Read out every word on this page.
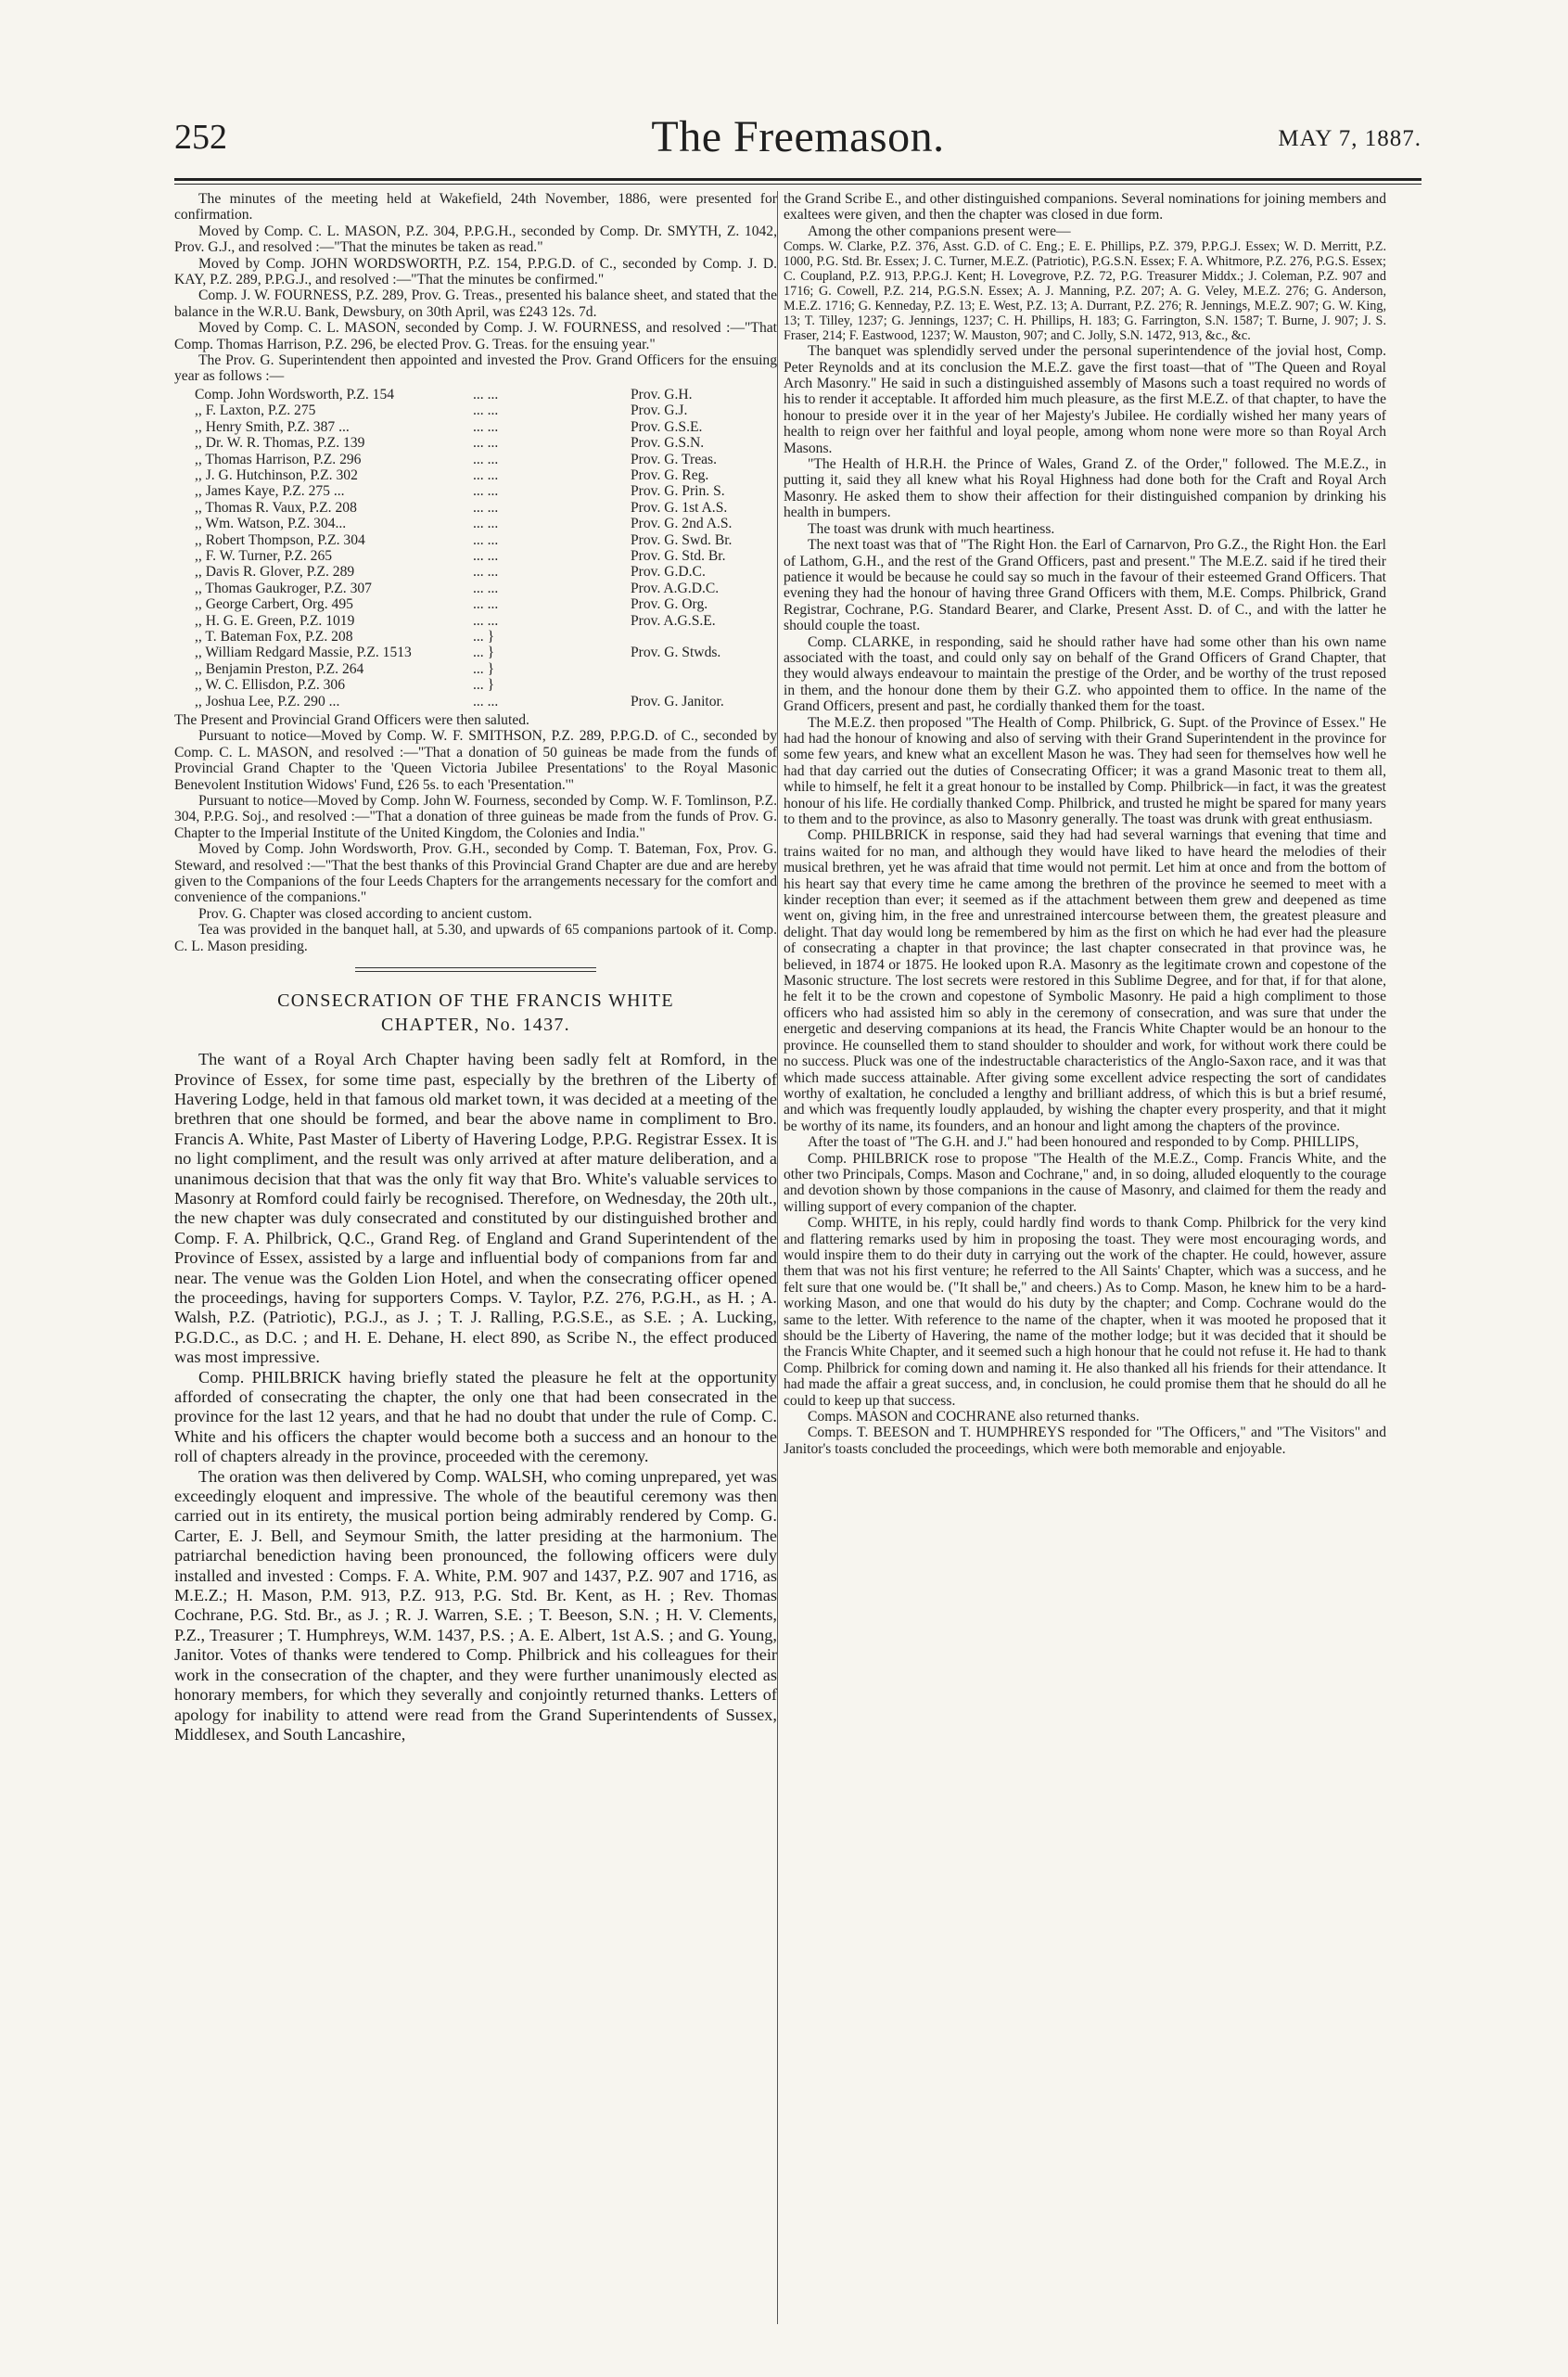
252	The Freemason.	MAY 7, 1887.

The minutes of the meeting held at Wakefield, 24th November, 1886, were presented for confirmation.

Moved by Comp. C. L. MASON, P.Z. 304, P.P.G.H., seconded by Comp. Dr. SMYTH, Z. 1042, Prov. G.J., and resolved :—"That the minutes be taken as read."

Moved by Comp. JOHN WORDSWORTH, P.Z. 154, P.P.G.D. of C., seconded by Comp. J. D. KAY, P.Z. 289, P.P.G.J., and resolved :—"That the minutes be confirmed."

Comp. J. W. FOURNESS, P.Z. 289, Prov. G. Treas., presented his balance sheet, and stated that the balance in the W.R.U. Bank, Dewsbury, on 30th April, was £243 12s. 7d.

Moved by Comp. C. L. MASON, seconded by Comp. J. W. FOURNESS, and resolved :—"That Comp. Thomas Harrison, P.Z. 296, be elected Prov. G. Treas. for the ensuing year."

The Prov. G. Superintendent then appointed and invested the Prov. Grand Officers for the ensuing year as follows :—

Comp. John Wordsworth, P.Z. 154	... ...	Prov. G.H.
,, F. Laxton, P.Z. 275	... ...	Prov. G.J.
,, Henry Smith, P.Z. 387 ...	... ...	Prov. G.S.E.
,, Dr. W. R. Thomas, P.Z. 139	... ...	Prov. G.S.N.
,, Thomas Harrison, P.Z. 296	... ...	Prov. G. Treas.
,, J. G. Hutchinson, P.Z. 302	... ...	Prov. G. Reg.
,, James Kaye, P.Z. 275 ...	... ...	Prov. G. Prin. S.
,, Thomas R. Vaux, P.Z. 208	... ...	Prov. G. 1st A.S.
,, Wm. Watson, P.Z. 304...	... ...	Prov. G. 2nd A.S.
,, Robert Thompson, P.Z. 304	... ...	Prov. G. Swd. Br.
,, F. W. Turner, P.Z. 265	... ...	Prov. G. Std. Br.
,, Davis R. Glover, P.Z. 289	... ...	Prov. G.D.C.
,, Thomas Gaukroger, P.Z. 307	... ...	Prov. A.G.D.C.
,, George Carbert, Org. 495	... ...	Prov. G. Org.
,, H. G. E. Green, P.Z. 1019	... ...	Prov. A.G.S.E.
,, T. Bateman Fox, P.Z. 208	... }
,, William Redgard Massie, P.Z. 1513	... }	Prov. G. Stwds.
,, Benjamin Preston, P.Z. 264	... }
,, W. C. Ellisdon, P.Z. 306	... }
,, Joshua Lee, P.Z. 290 ...	... ...	Prov. G. Janitor.

The Present and Provincial Grand Officers were then saluted.

Pursuant to notice—Moved by Comp. W. F. SMITHSON, P.Z. 289, P.P.G.D. of C., seconded by Comp. C. L. MASON, and resolved :—"That a donation of 50 guineas be made from the funds of Provincial Grand Chapter to the 'Queen Victoria Jubilee Presentations' to the Royal Masonic Benevolent Institution Widows' Fund, £26 5s. to each 'Presentation.'"

Pursuant to notice—Moved by Comp. John W. Fourness, seconded by Comp. W. F. Tomlinson, P.Z. 304, P.P.G. Soj., and resolved :—"That a donation of three guineas be made from the funds of Prov. G. Chapter to the Imperial Institute of the United Kingdom, the Colonies and India."

Moved by Comp. John Wordsworth, Prov. G.H., seconded by Comp. T. Bateman, Fox, Prov. G. Steward, and resolved :—"That the best thanks of this Provincial Grand Chapter are due and are hereby given to the Companions of the four Leeds Chapters for the arrangements necessary for the comfort and convenience of the companions."

Prov. G. Chapter was closed according to ancient custom.

Tea was provided in the banquet hall, at 5.30, and upwards of 65 companions partook of it. Comp. C. L. Mason presiding.

CONSECRATION OF THE FRANCIS WHITE
CHAPTER, No. 1437.

The want of a Royal Arch Chapter having been sadly felt at Romford, in the Province of Essex, for some time past, especially by the brethren of the Liberty of Havering Lodge, held in that famous old market town, it was decided at a meeting of the brethren that one should be formed, and bear the above name in compliment to Bro. Francis A. White, Past Master of Liberty of Havering Lodge, P.P.G. Registrar Essex. It is no light compliment, and the result was only arrived at after mature deliberation, and a unanimous decision that that was the only fit way that Bro. White's valuable services to Masonry at Romford could fairly be recognised. Therefore, on Wednesday, the 20th ult., the new chapter was duly consecrated and constituted by our distinguished brother and Comp. F. A. Philbrick, Q.C., Grand Reg. of England and Grand Superintendent of the Province of Essex, assisted by a large and influential body of companions from far and near. The venue was the Golden Lion Hotel, and when the consecrating officer opened the proceedings, having for supporters Comps. V. Taylor, P.Z. 276, P.G.H., as H. ; A. Walsh, P.Z. (Patriotic), P.G.J., as J. ; T. J. Ralling, P.G.S.E., as S.E. ; A. Lucking, P.G.D.C., as D.C. ; and H. E. Dehane, H. elect 890, as Scribe N., the effect produced was most impressive.

Comp. PHILBRICK having briefly stated the pleasure he felt at the opportunity afforded of consecrating the chapter, the only one that had been consecrated in the province for the last 12 years, and that he had no doubt that under the rule of Comp. C. White and his officers the chapter would become both a success and an honour to the roll of chapters already in the province, proceeded with the ceremony.

The oration was then delivered by Comp. WALSH, who coming unprepared, yet was exceedingly eloquent and impressive. The whole of the beautiful ceremony was then carried out in its entirety, the musical portion being admirably rendered by Comp. G. Carter, E. J. Bell, and Seymour Smith, the latter presiding at the harmonium. The patriarchal benediction having been pronounced, the following officers were duly installed and invested : Comps. F. A. White, P.M. 907 and 1437, P.Z. 907 and 1716, as M.E.Z.; H. Mason, P.M. 913, P.Z. 913, P.G. Std. Br. Kent, as H. ; Rev. Thomas Cochrane, P.G. Std. Br., as J. ; R. J. Warren, S.E. ; T. Beeson, S.N. ; H. V. Clements, P.Z., Treasurer ; T. Humphreys, W.M. 1437, P.S. ; A. E. Albert, 1st A.S. ; and G. Young, Janitor. Votes of thanks were tendered to Comp. Philbrick and his colleagues for their work in the consecration of the chapter, and they were further unanimously elected as honorary members, for which they severally and conjointly returned thanks. Letters of apology for inability to attend were read from the Grand Superintendents of Sussex, Middlesex, and South Lancashire,

the Grand Scribe E., and other distinguished companions. Several nominations for joining members and exaltees were given, and then the chapter was closed in due form.

Among the other companions present were—

Comps. W. Clarke, P.Z. 376, Asst. G.D. of C. Eng.; E. E. Phillips, P.Z. 379, P.P.G.J. Essex; W. D. Merritt, P.Z. 1000, P.G. Std. Br. Essex; J. C. Turner, M.E.Z. (Patriotic), P.G.S.N. Essex; F. A. Whitmore, P.Z. 276, P.G.S. Essex; C. Coupland, P.Z. 913, P.P.G.J. Kent; H. Lovegrove, P.Z. 72, P.G. Treasurer Middx.; J. Coleman, P.Z. 907 and 1716; G. Cowell, P.Z. 214, P.G.S.N. Essex; A. J. Manning, P.Z. 207; A. G. Veley, M.E.Z. 276; G. Anderson, M.E.Z. 1716; G. Kenneday, P.Z. 13; E. West, P.Z. 13; A. Durrant, P.Z. 276; R. Jennings, M.E.Z. 907; G. W. King, 13; T. Tilley, 1237; G. Jennings, 1237; C. H. Phillips, H. 183; G. Farrington, S.N. 1587; T. Burne, J. 907; J. S. Fraser, 214; F. Eastwood, 1237; W. Mauston, 907; and C. Jolly, S.N. 1472, 913, &c., &c.

The banquet was splendidly served under the personal superintendence of the jovial host, Comp. Peter Reynolds and at its conclusion the M.E.Z. gave the first toast—that of "The Queen and Royal Arch Masonry." He said in such a distinguished assembly of Masons such a toast required no words of his to render it acceptable. It afforded him much pleasure, as the first M.E.Z. of that chapter, to have the honour to preside over it in the year of her Majesty's Jubilee. He cordially wished her many years of health to reign over her faithful and loyal people, among whom none were more so than Royal Arch Masons.

"The Health of H.R.H. the Prince of Wales, Grand Z. of the Order," followed. The M.E.Z., in putting it, said they all knew what his Royal Highness had done both for the Craft and Royal Arch Masonry. He asked them to show their affection for their distinguished companion by drinking his health in bumpers.

The toast was drunk with much heartiness.

The next toast was that of "The Right Hon. the Earl of Carnarvon, Pro G.Z., the Right Hon. the Earl of Lathom, G.H., and the rest of the Grand Officers, past and present." The M.E.Z. said if he tired their patience it would be because he could say so much in the favour of their esteemed Grand Officers. That evening they had the honour of having three Grand Officers with them, M.E. Comps. Philbrick, Grand Registrar, Cochrane, P.G. Standard Bearer, and Clarke, Present Asst. D. of C., and with the latter he should couple the toast.

Comp. CLARKE, in responding, said he should rather have had some other than his own name associated with the toast, and could only say on behalf of the Grand Officers of Grand Chapter, that they would always endeavour to maintain the prestige of the Order, and be worthy of the trust reposed in them, and the honour done them by their G.Z. who appointed them to office. In the name of the Grand Officers, present and past, he cordially thanked them for the toast.

The M.E.Z. then proposed "The Health of Comp. Philbrick, G. Supt. of the Province of Essex." He had had the honour of knowing and also of serving with their Grand Superintendent in the province for some few years, and knew what an excellent Mason he was. They had seen for themselves how well he had that day carried out the duties of Consecrating Officer; it was a grand Masonic treat to them all, while to himself, he felt it a great honour to be installed by Comp. Philbrick—in fact, it was the greatest honour of his life. He cordially thanked Comp. Philbrick, and trusted he might be spared for many years to them and to the province, as also to Masonry generally. The toast was drunk with great enthusiasm.

Comp. PHILBRICK in response, said they had had several warnings that evening that time and trains waited for no man, and although they would have liked to have heard the melodies of their musical brethren, yet he was afraid that time would not permit. Let him at once and from the bottom of his heart say that every time he came among the brethren of the province he seemed to meet with a kinder reception than ever; it seemed as if the attachment between them grew and deepened as time went on, giving him, in the free and unrestrained intercourse between them, the greatest pleasure and delight. That day would long be remembered by him as the first on which he had ever had the pleasure of consecrating a chapter in that province; the last chapter consecrated in that province was, he believed, in 1874 or 1875. He looked upon R.A. Masonry as the legitimate crown and copestone of the Masonic structure. The lost secrets were restored in this Sublime Degree, and for that, if for that alone, he felt it to be the crown and copestone of Symbolic Masonry. He paid a high compliment to those officers who had assisted him so ably in the ceremony of consecration, and was sure that under the energetic and deserving companions at its head, the Francis White Chapter would be an honour to the province. He counselled them to stand shoulder to shoulder and work, for without work there could be no success. Pluck was one of the indestructable characteristics of the Anglo-Saxon race, and it was that which made success attainable. After giving some excellent advice respecting the sort of candidates worthy of exaltation, he concluded a lengthy and brilliant address, of which this is but a brief resumé, and which was frequently loudly applauded, by wishing the chapter every prosperity, and that it might be worthy of its name, its founders, and an honour and light among the chapters of the province.

After the toast of "The G.H. and J." had been honoured and responded to by Comp. PHILLIPS,

Comp. PHILBRICK rose to propose "The Health of the M.E.Z., Comp. Francis White, and the other two Principals, Comps. Mason and Cochrane," and, in so doing, alluded eloquently to the courage and devotion shown by those companions in the cause of Masonry, and claimed for them the ready and willing support of every companion of the chapter.

Comp. WHITE, in his reply, could hardly find words to thank Comp. Philbrick for the very kind and flattering remarks used by him in proposing the toast. They were most encouraging words, and would inspire them to do their duty in carrying out the work of the chapter. He could, however, assure them that was not his first venture; he referred to the All Saints' Chapter, which was a success, and he felt sure that one would be. ("It shall be," and cheers.) As to Comp. Mason, he knew him to be a hard-working Mason, and one that would do his duty by the chapter; and Comp. Cochrane would do the same to the letter. With reference to the name of the chapter, when it was mooted he proposed that it should be the Liberty of Havering, the name of the mother lodge; but it was decided that it should be the Francis White Chapter, and it seemed such a high honour that he could not refuse it. He had to thank Comp. Philbrick for coming down and naming it. He also thanked all his friends for their attendance. It had made the affair a great success, and, in conclusion, he could promise them that he should do all he could to keep up that success.

Comps. MASON and COCHRANE also returned thanks.

Comps. T. BEESON and T. HUMPHREYS responded for "The Officers," and "The Visitors" and Janitor's toasts concluded the proceedings, which were both memorable and enjoyable.
